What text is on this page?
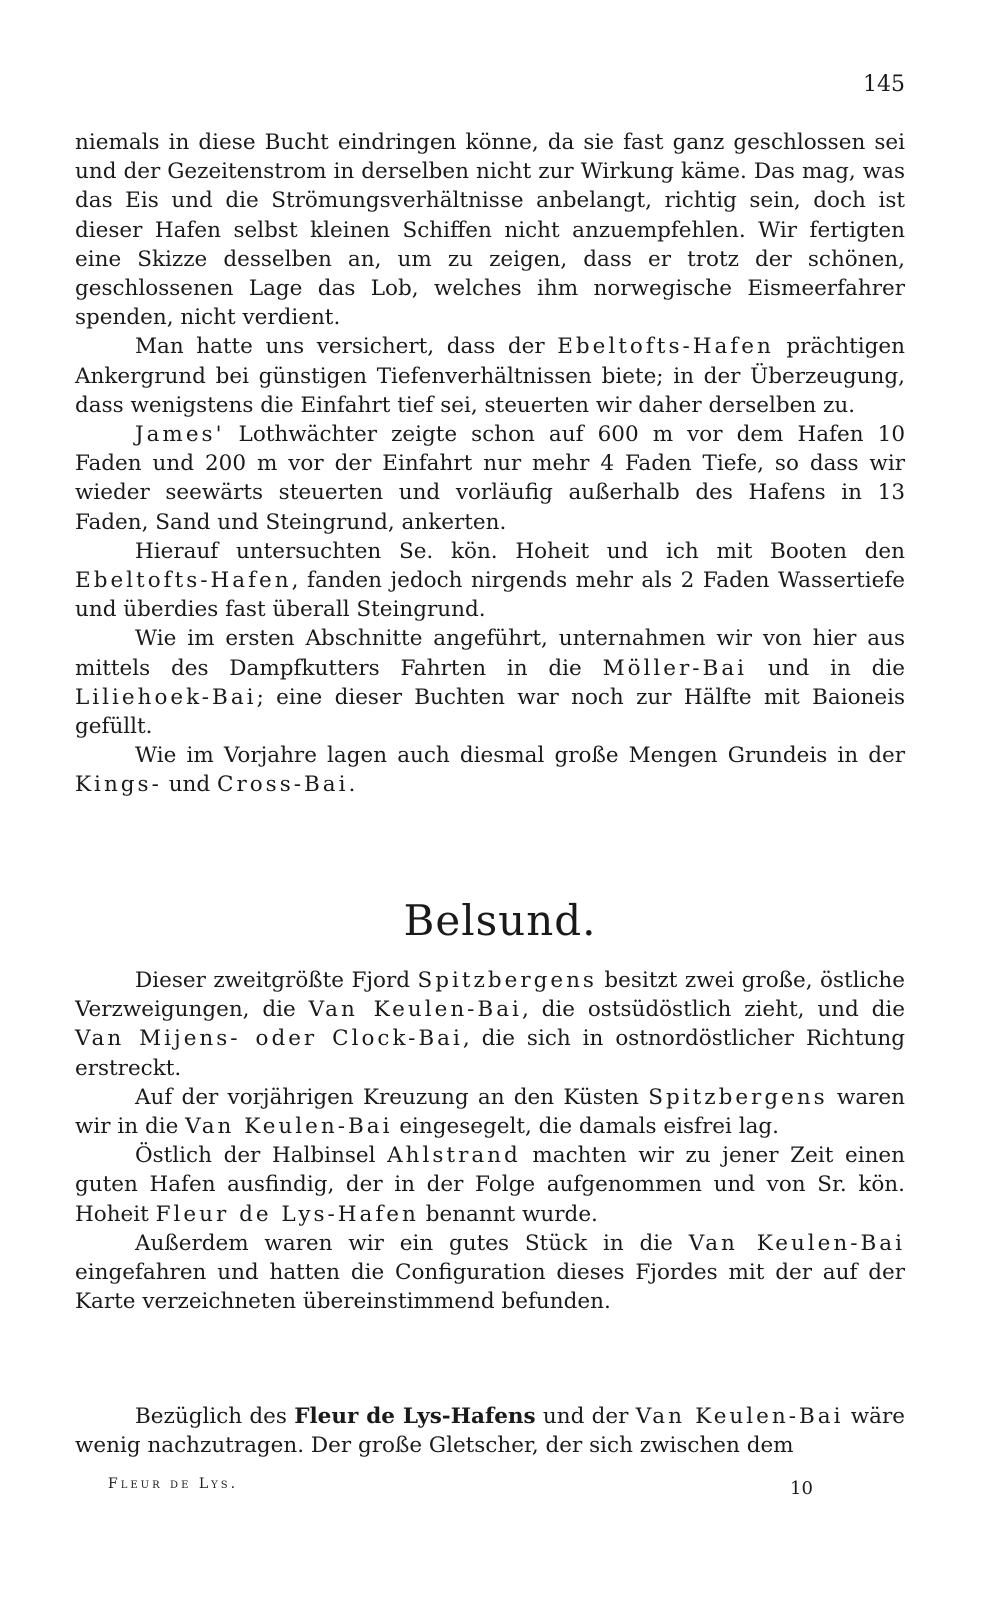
145

niemals in diese Bucht eindringen könne, da sie fast ganz geschlossen sei und der Gezeitenstrom in derselben nicht zur Wirkung käme. Das mag, was das Eis und die Strömungsverhältnisse anbelangt, richtig sein, doch ist dieser Hafen selbst kleinen Schiffen nicht anzuempfehlen. Wir fertigten eine Skizze desselben an, um zu zeigen, dass er trotz der schönen, geschlossenen Lage das Lob, welches ihm norwegische Eismeerfahrer spenden, nicht verdient.

Man hatte uns versichert, dass der Ebeltofts-Hafen prächtigen Ankergrund bei günstigen Tiefenverhältnissen biete; in der Überzeugung, dass wenigstens die Einfahrt tief sei, steuerten wir daher derselben zu.

James' Lothwächter zeigte schon auf 600 m vor dem Hafen 10 Faden und 200 m vor der Einfahrt nur mehr 4 Faden Tiefe, so dass wir wieder seewärts steuerten und vorläufig außerhalb des Hafens in 13 Faden, Sand und Steingrund, ankerten.

Hierauf untersuchten Se. kön. Hoheit und ich mit Booten den Ebeltofts-Hafen, fanden jedoch nirgends mehr als 2 Faden Wassertiefe und überdies fast überall Steingrund.

Wie im ersten Abschnitte angeführt, unternahmen wir von hier aus mittels des Dampfkutters Fahrten in die Möller-Bai und in die Liliehoek-Bai; eine dieser Buchten war noch zur Hälfte mit Baioneis gefüllt.

Wie im Vorjahre lagen auch diesmal große Mengen Grundeis in der Kings- und Cross-Bai.

Belsund.

Dieser zweitgrößte Fjord Spitzbergens besitzt zwei große, östliche Verzweigungen, die Van Keulen-Bai, die ostsüdöstlich zieht, und die Van Mijens- oder Clock-Bai, die sich in ostnordöstlicher Richtung erstreckt.

Auf der vorjährigen Kreuzung an den Küsten Spitzbergens waren wir in die Van Keulen-Bai eingesegelt, die damals eisfrei lag.

Östlich der Halbinsel Ahlstrand machten wir zu jener Zeit einen guten Hafen ausfindig, der in der Folge aufgenommen und von Sr. kön. Hoheit Fleur de Lys-Hafen benannt wurde.

Außerdem waren wir ein gutes Stück in die Van Keulen-Bai eingefahren und hatten die Configuration dieses Fjordes mit der auf der Karte verzeichneten übereinstimmend befunden.

Bezüglich des Fleur de Lys-Hafens und der Van Keulen-Bai wäre wenig nachzutragen. Der große Gletscher, der sich zwischen dem

Fleur de Lys.	10
